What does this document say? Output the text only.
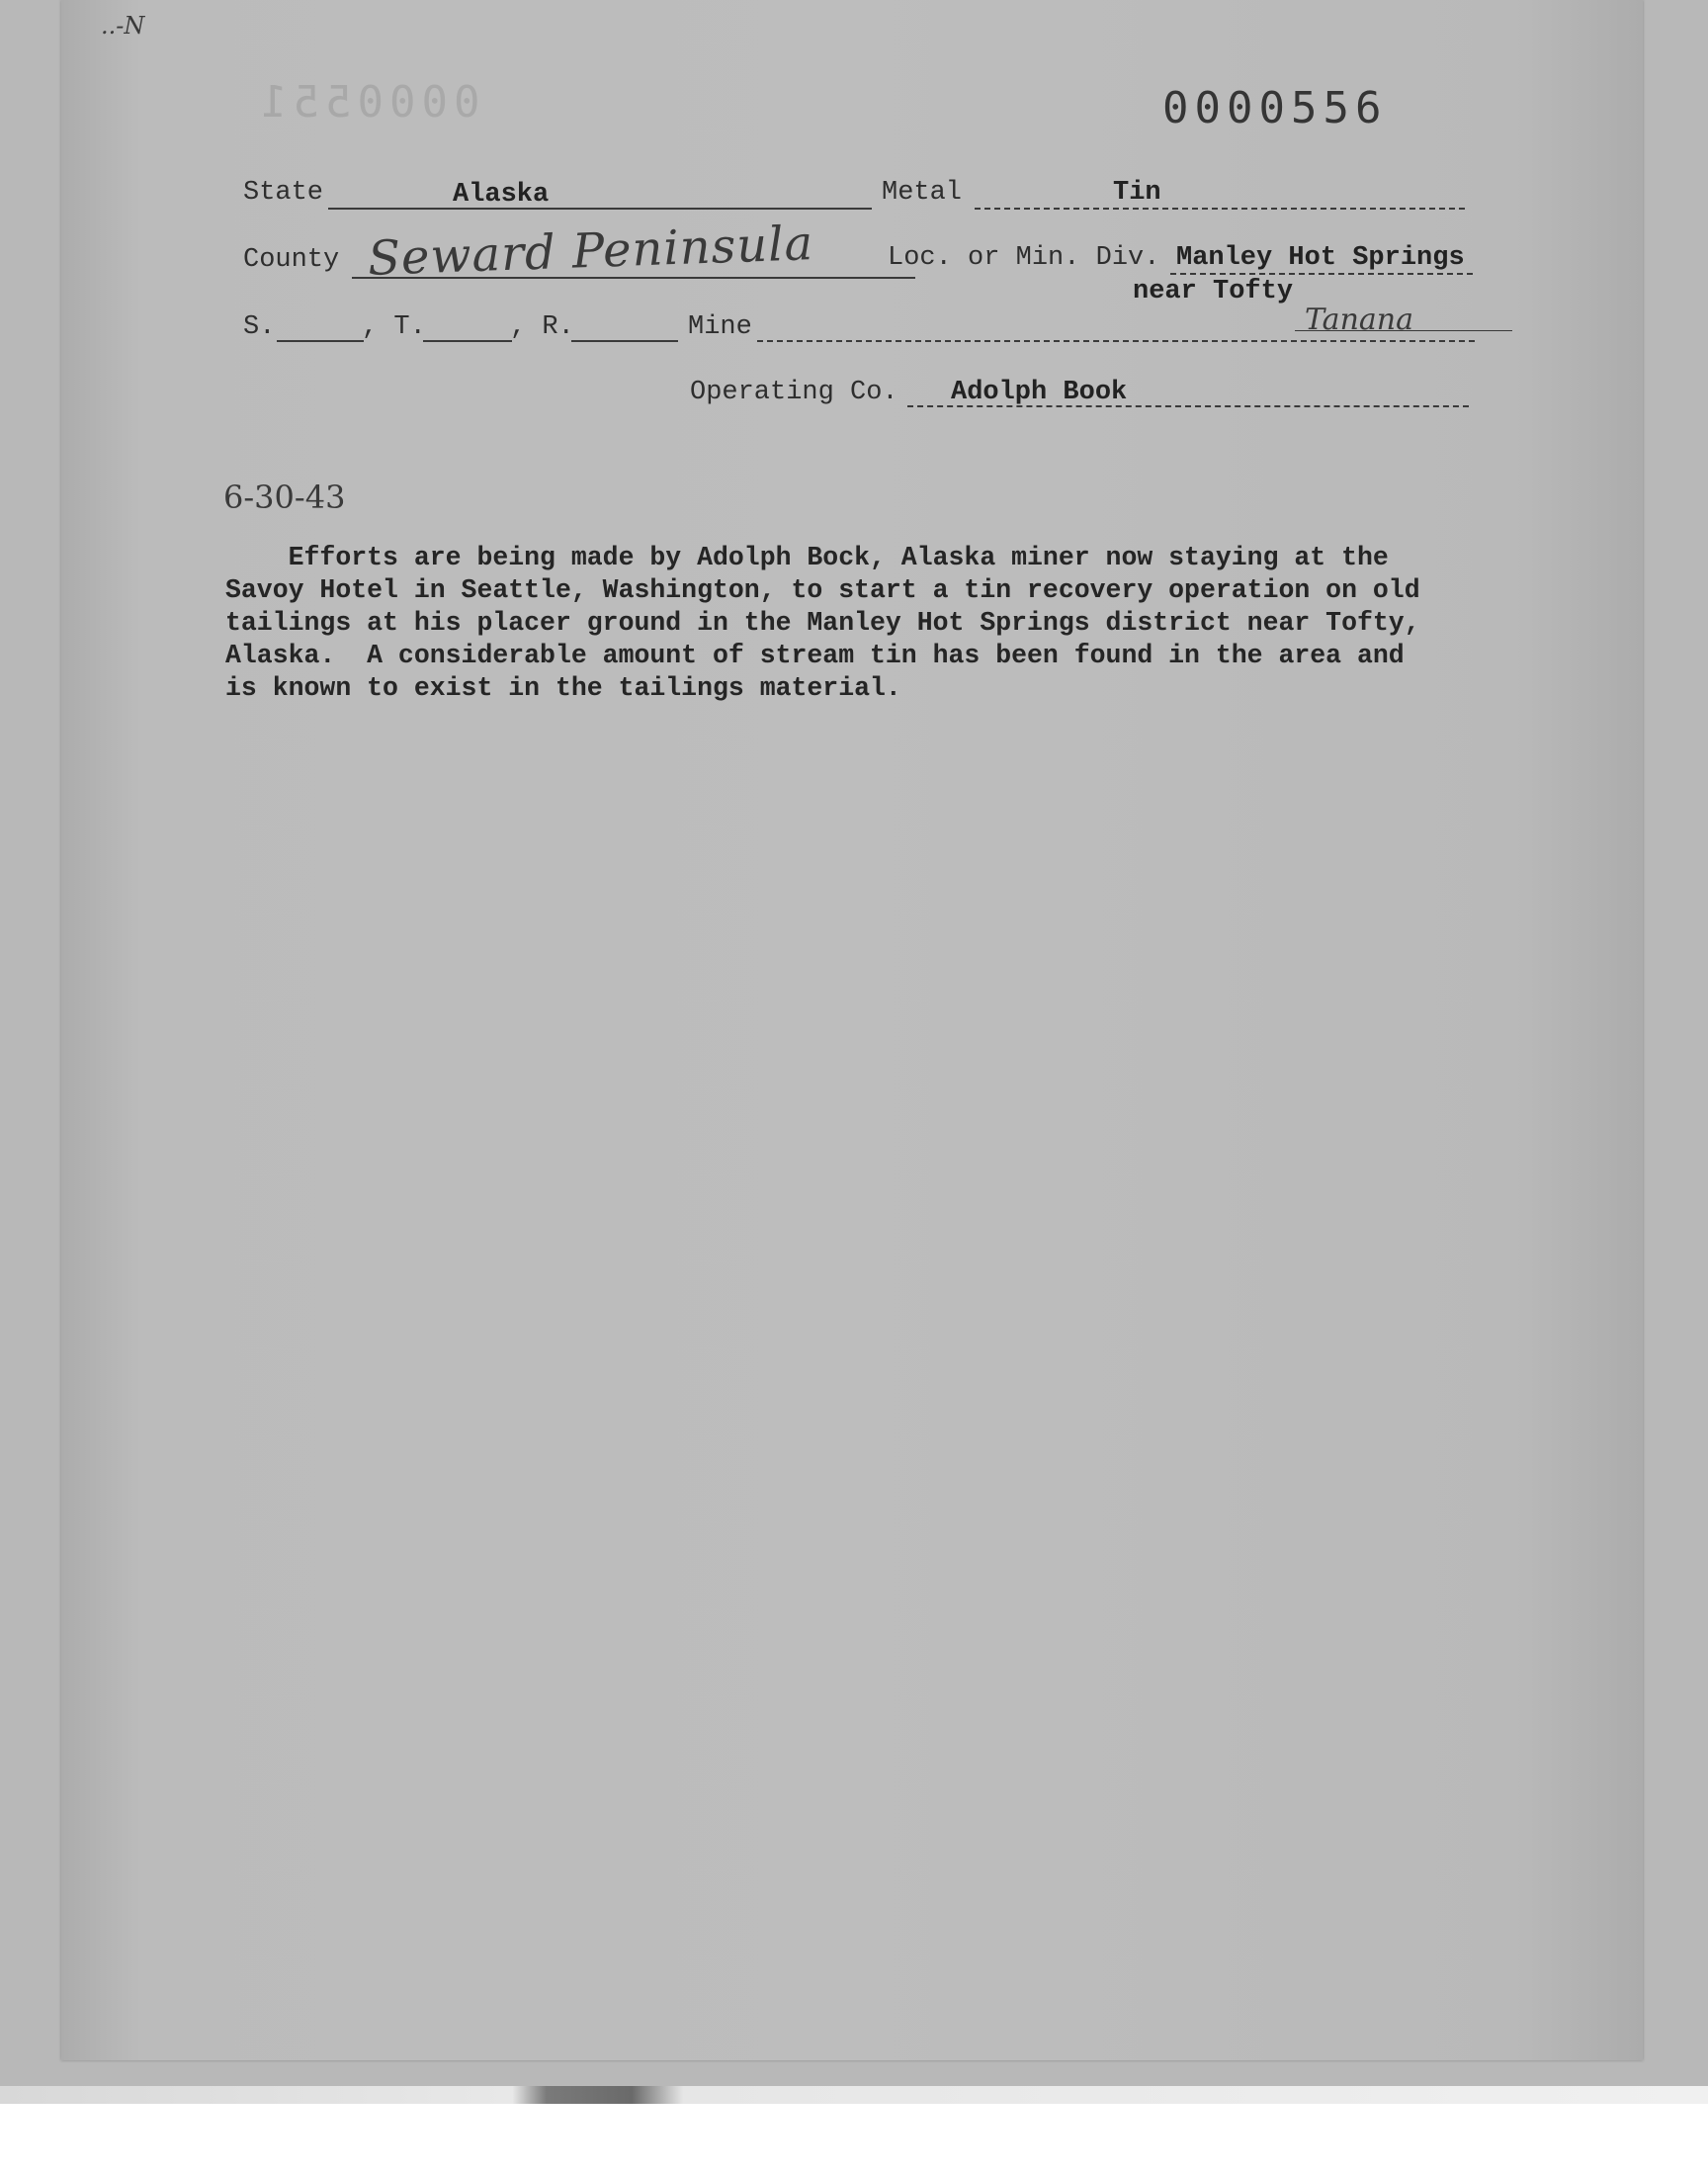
..-N
0000551	0000556
State	Alaska	Metal	Tin
County Seward Peninsula	Loc. or Min. Div. Manley Hot Springs
near Tofty
S.	, T.	, R.	Mine	Tanana
Operating Co. Adolph Book
6-30-43

Efforts are being made by Adolph Bock, Alaska miner now staying at the

Savoy Hotel in Seattle, Washington, to start a tin recovery operation on old

tailings at his placer ground in the Manley Hot Springs district near Tofty,

Alaska.  A considerable amount of stream tin has been found in the area and

is known to exist in the tailings material.
